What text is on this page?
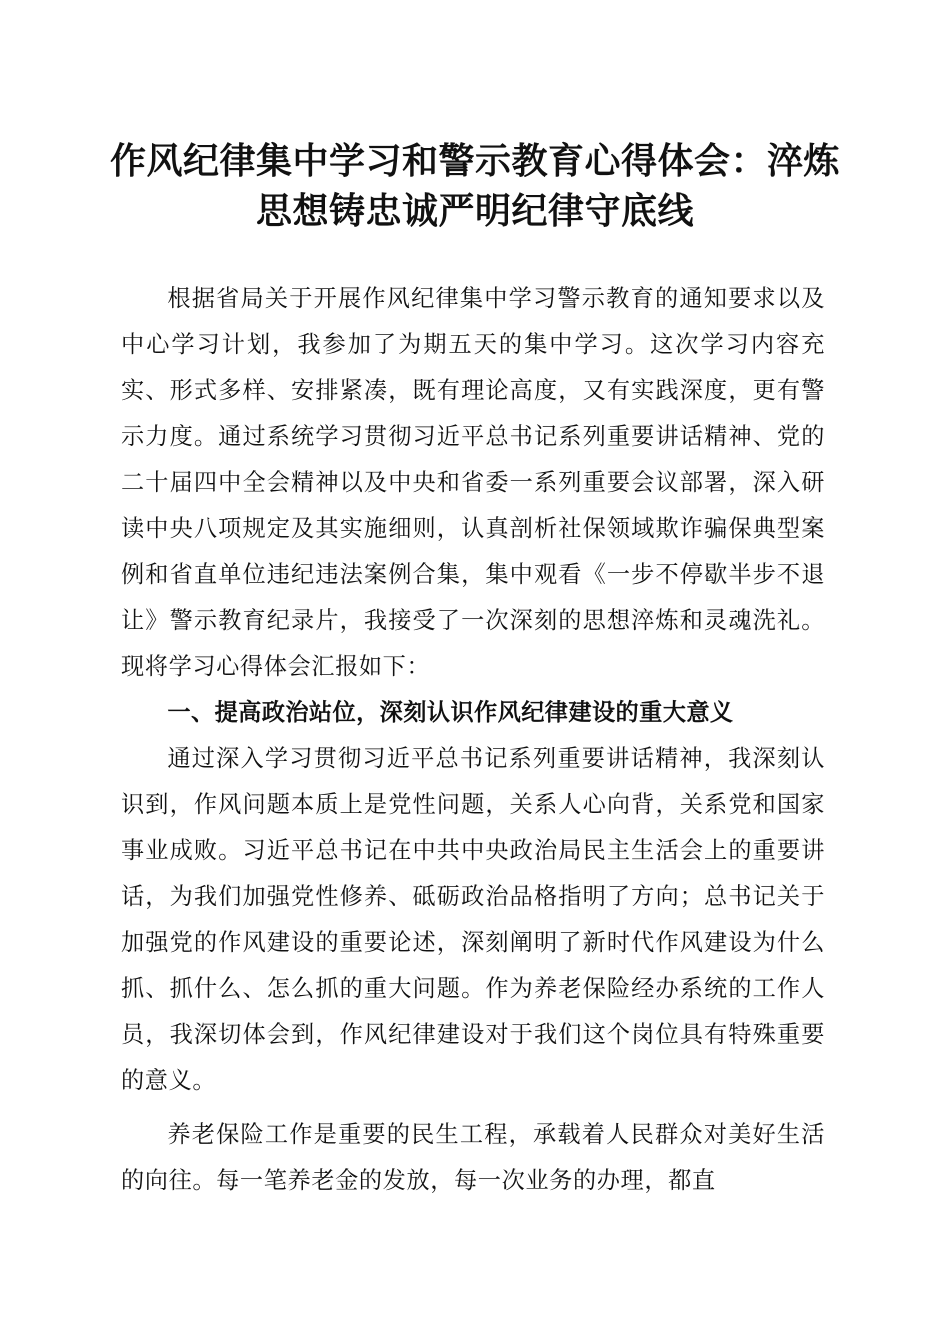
作风纪律集中学习和警示教育心得体会：淬炼
思想铸忠诚严明纪律守底线

根据省局关于开展作风纪律集中学习警示教育的通知要求以及中心学习计划，我参加了为期五天的集中学习。这次学习内容充实、形式多样、安排紧凑，既有理论高度，又有实践深度，更有警示力度。通过系统学习贯彻习近平总书记系列重要讲话精神、党的二十届四中全会精神以及中央和省委一系列重要会议部署，深入研读中央八项规定及其实施细则，认真剖析社保领域欺诈骗保典型案例和省直单位违纪违法案例合集，集中观看《一步不停歇半步不退让》警示教育纪录片，我接受了一次深刻的思想淬炼和灵魂洗礼。现将学习心得体会汇报如下：

一、提高政治站位，深刻认识作风纪律建设的重大意义

通过深入学习贯彻习近平总书记系列重要讲话精神，我深刻认识到，作风问题本质上是党性问题，关系人心向背，关系党和国家事业成败。习近平总书记在中共中央政治局民主生活会上的重要讲话，为我们加强党性修养、砥砺政治品格指明了方向；总书记关于加强党的作风建设的重要论述，深刻阐明了新时代作风建设为什么抓、抓什么、怎么抓的重大问题。作为养老保险经办系统的工作人员，我深切体会到，作风纪律建设对于我们这个岗位具有特殊重要的意义。

养老保险工作是重要的民生工程，承载着人民群众对美好生活的向往。每一笔养老金的发放，每一次业务的办理，都直
